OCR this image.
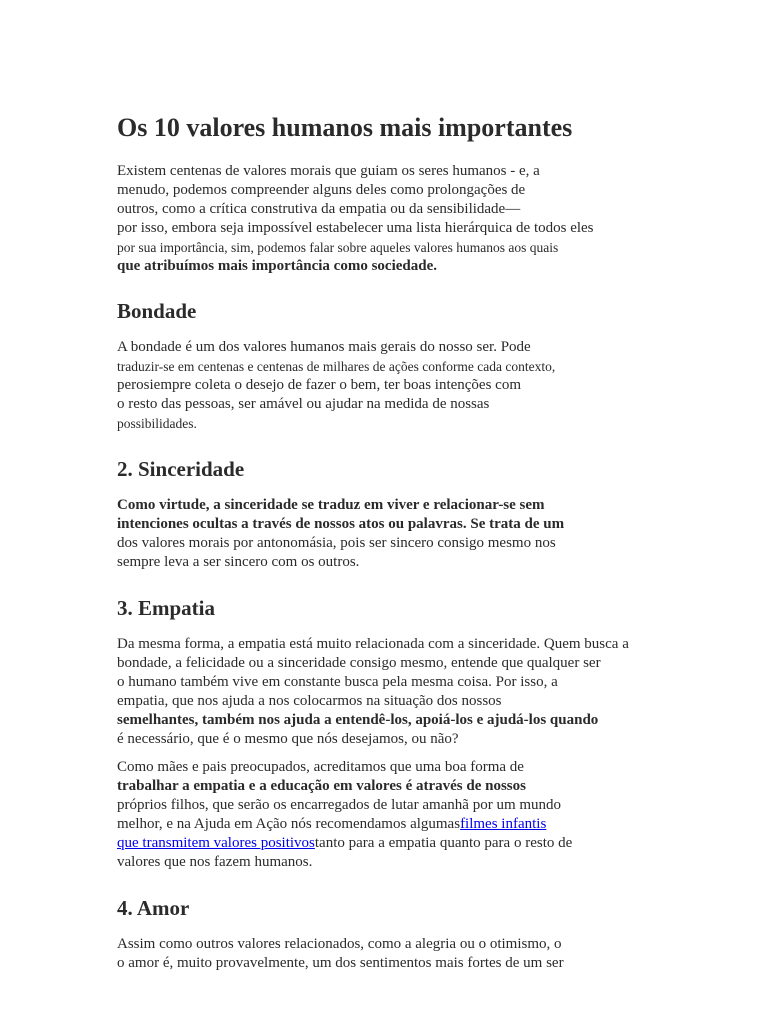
Os 10 valores humanos mais importantes
Existem centenas de valores morais que guiam os seres humanos - e, a
menudo, podemos compreender alguns deles como prolongações de
outros, como a crítica construtiva da empatia ou da sensibilidade—
por isso, embora seja impossível estabelecer uma lista hierárquica de todos eles
por sua importância, sim, podemos falar sobre aqueles valores humanos aos quais
que atribuímos mais importância como sociedade.
Bondade
A bondade é um dos valores humanos mais gerais do nosso ser. Pode
traduzir-se em centenas e centenas de milhares de ações conforme cada contexto,
perosiempre coleta o desejo de fazer o bem, ter boas intenções com
o resto das pessoas, ser amável ou ajudar na medida de nossas
possibilidades.
2. Sinceridade
Como virtude, a sinceridade se traduz em viver e relacionar-se sem
intenciones ocultas a través de nossos atos ou palavras. Se trata de um
dos valores morais por antonomásia, pois ser sincero consigo mesmo nos
sempre leva a ser sincero com os outros.
3. Empatia
Da mesma forma, a empatia está muito relacionada com a sinceridade. Quem busca a
bondade, a felicidade ou a sinceridade consigo mesmo, entende que qualquer ser
o humano também vive em constante busca pela mesma coisa. Por isso, a
empatia, que nos ajuda a nos colocarmos na situação dos nossos
semelhantes, também nos ajuda a entendê-los, apoiá-los e ajudá-los quando
é necessário, que é o mesmo que nós desejamos, ou não?
Como mães e pais preocupados, acreditamos que uma boa forma de
trabalhar a empatia e a educação em valores é através de nossos
próprios filhos, que serão os encarregados de lutar amanhã por um mundo
melhor, e na Ajuda em Ação nós recomendamos algumasfilmes infantis
que transmitem valores positivostanto para a empatia quanto para o resto de
valores que nos fazem humanos.
4. Amor
Assim como outros valores relacionados, como a alegria ou o otimismo, o
o amor é, muito provavelmente, um dos sentimentos mais fortes de um ser
